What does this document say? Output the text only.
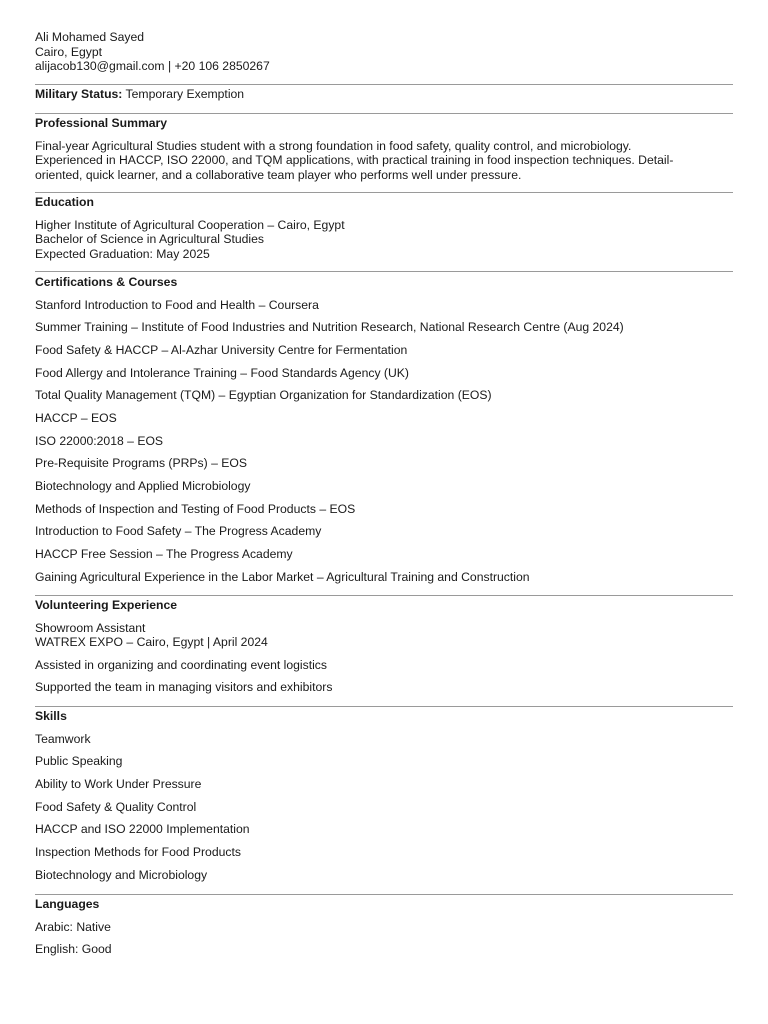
Ali Mohamed Sayed
Cairo, Egypt
alijacob130@gmail.com | +20 106 2850267
Military Status: Temporary Exemption
Professional Summary
Final-year Agricultural Studies student with a strong foundation in food safety, quality control, and microbiology.
Experienced in HACCP, ISO 22000, and TQM applications, with practical training in food inspection techniques. Detail-
oriented, quick learner, and a collaborative team player who performs well under pressure.
Education
Higher Institute of Agricultural Cooperation – Cairo, Egypt
Bachelor of Science in Agricultural Studies
Expected Graduation: May 2025
Certifications & Courses
Stanford Introduction to Food and Health – Coursera
Summer Training – Institute of Food Industries and Nutrition Research, National Research Centre (Aug 2024)
Food Safety & HACCP – Al-Azhar University Centre for Fermentation
Food Allergy and Intolerance Training – Food Standards Agency (UK)
Total Quality Management (TQM) – Egyptian Organization for Standardization (EOS)
HACCP – EOS
ISO 22000:2018 – EOS
Pre-Requisite Programs (PRPs) – EOS
Biotechnology and Applied Microbiology
Methods of Inspection and Testing of Food Products – EOS
Introduction to Food Safety – The Progress Academy
HACCP Free Session – The Progress Academy
Gaining Agricultural Experience in the Labor Market – Agricultural Training and Construction
Volunteering Experience
Showroom Assistant
WATREX EXPO – Cairo, Egypt | April 2024
Assisted in organizing and coordinating event logistics
Supported the team in managing visitors and exhibitors
Skills
Teamwork
Public Speaking
Ability to Work Under Pressure
Food Safety & Quality Control
HACCP and ISO 22000 Implementation
Inspection Methods for Food Products
Biotechnology and Microbiology
Languages
Arabic: Native
English: Good
